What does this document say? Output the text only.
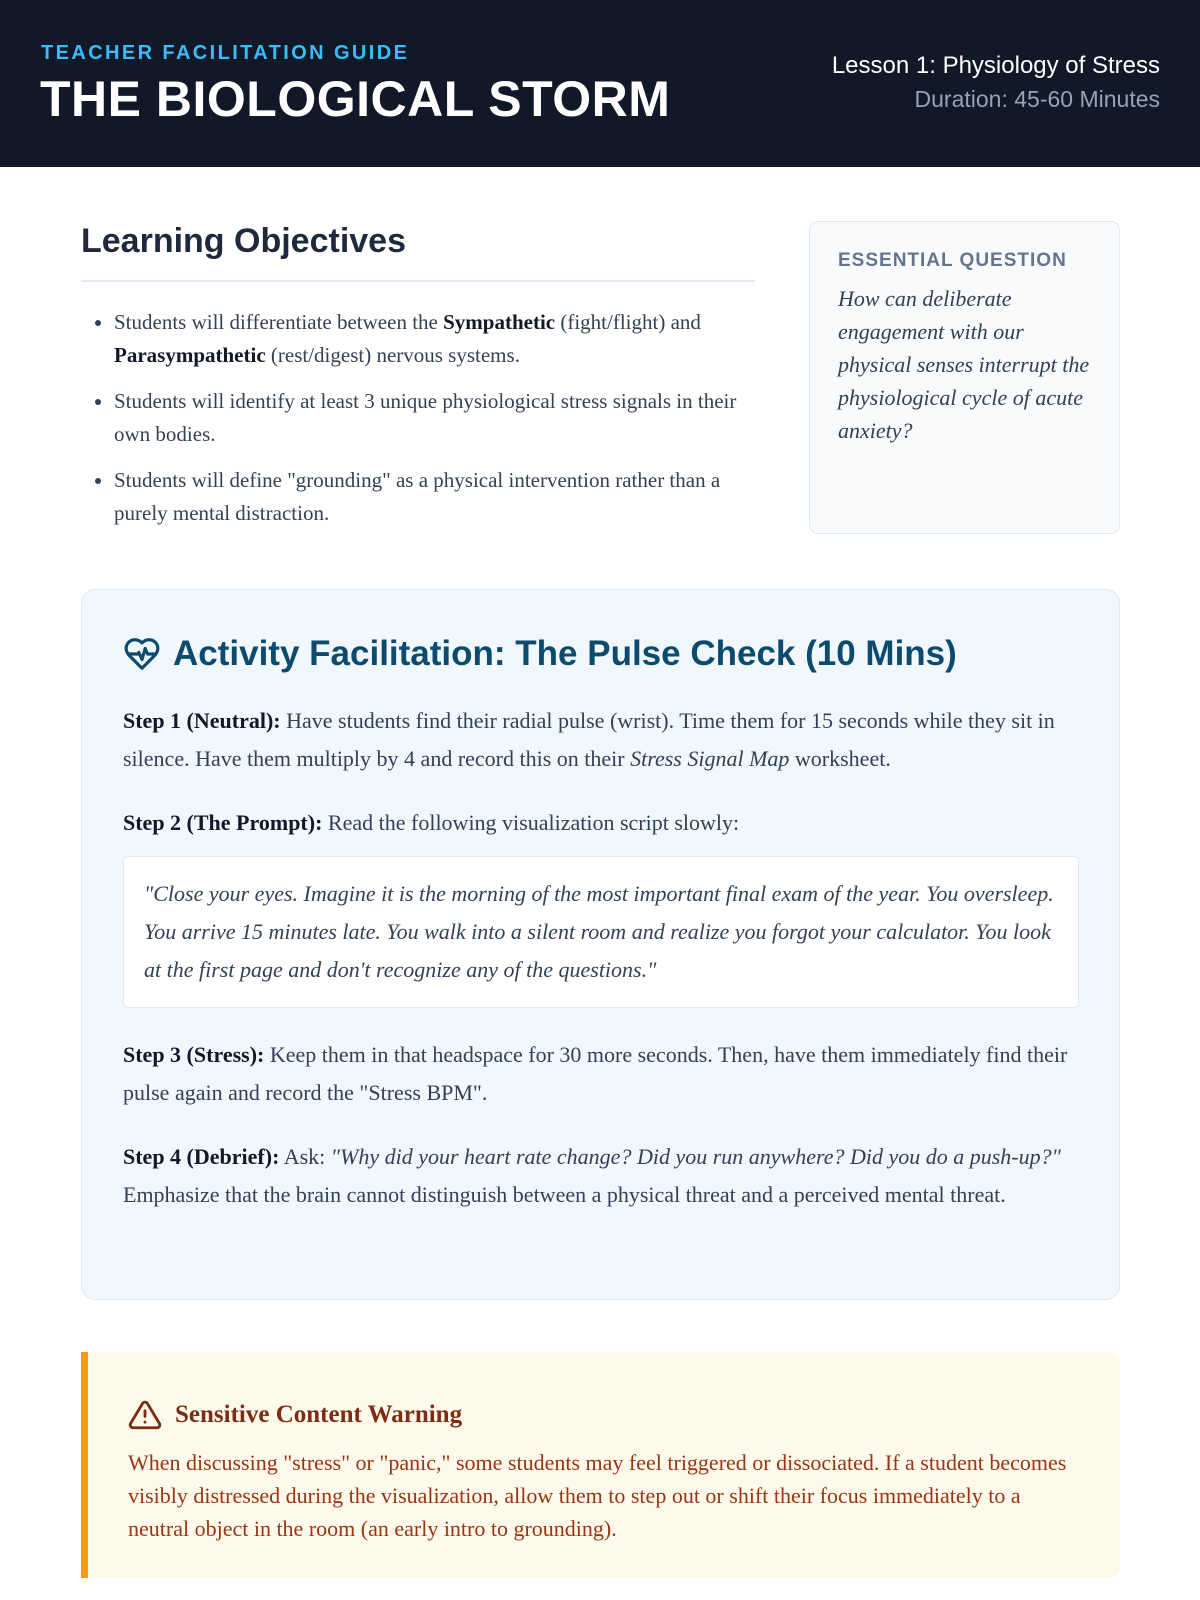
TEACHER FACILITATION GUIDE
THE BIOLOGICAL STORM
Lesson 1: Physiology of Stress
Duration: 45-60 Minutes
Learning Objectives
• Students will differentiate between the Sympathetic (fight/flight) and Parasympathetic (rest/digest) nervous systems.
• Students will identify at least 3 unique physiological stress signals in their own bodies.
• Students will define "grounding" as a physical intervention rather than a purely mental distraction.
ESSENTIAL QUESTION
How can deliberate engagement with our physical senses interrupt the physiological cycle of acute anxiety?
Activity Facilitation: The Pulse Check (10 Mins)

Step 1 (Neutral): Have students find their radial pulse (wrist). Time them for 15 seconds while they sit in silence. Have them multiply by 4 and record this on their Stress Signal Map worksheet.

Step 2 (The Prompt): Read the following visualization script slowly:

"Close your eyes. Imagine it is the morning of the most important final exam of the year. You oversleep. You arrive 15 minutes late. You walk into a silent room and realize you forgot your calculator. You look at the first page and don't recognize any of the questions."

Step 3 (Stress): Keep them in that headspace for 30 more seconds. Then, have them immediately find their pulse again and record the "Stress BPM".

Step 4 (Debrief): Ask: "Why did your heart rate change? Did you run anywhere? Did you do a push-up?" Emphasize that the brain cannot distinguish between a physical threat and a perceived mental threat.

Sensitive Content Warning
When discussing "stress" or "panic," some students may feel triggered or dissociated. If a student becomes visibly distressed during the visualization, allow them to step out or shift their focus immediately to a neutral object in the room (an early intro to grounding).
